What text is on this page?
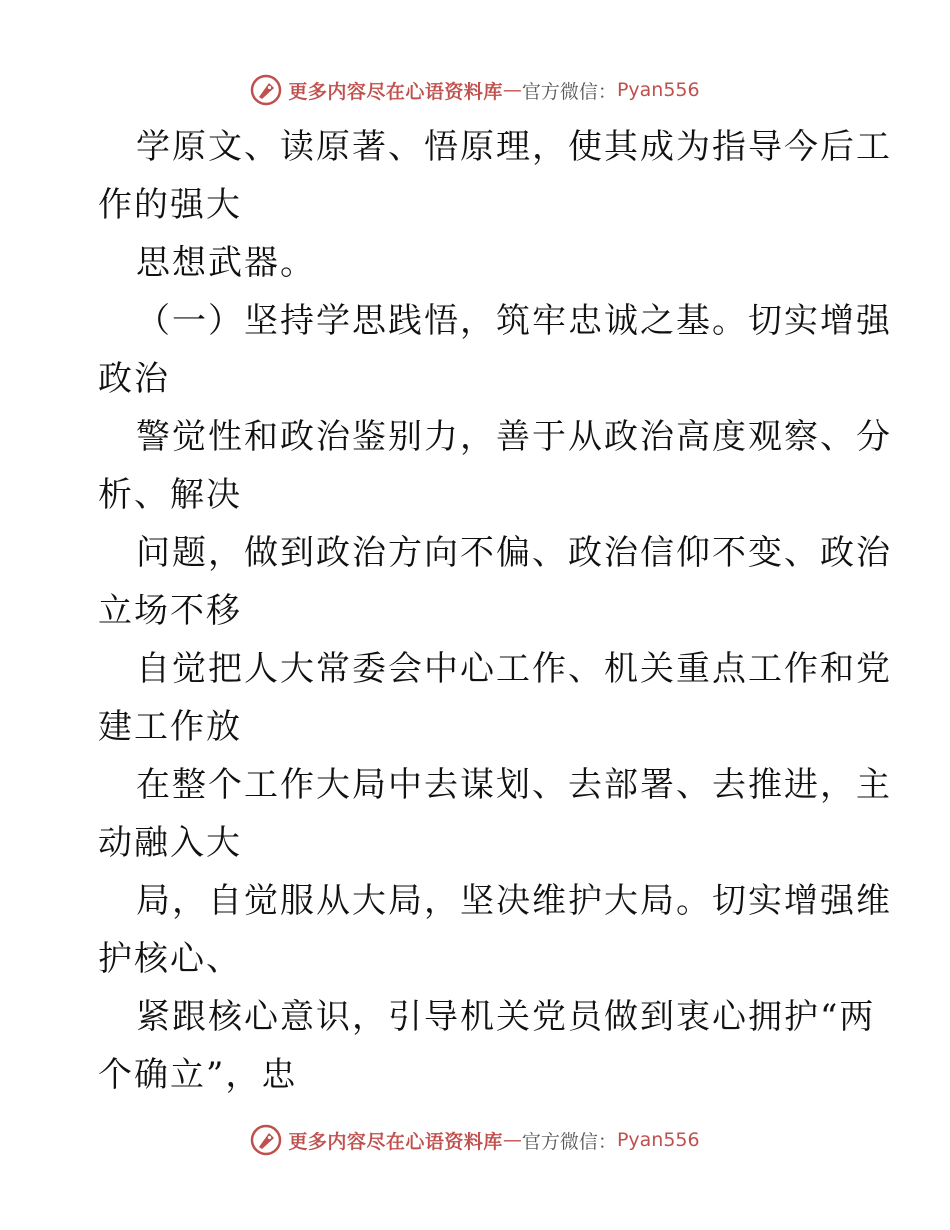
更多内容尽在心语资料库 — 官方微信： Pyan556
学原文、读原著、悟原理，使其成为指导今后工
作的强大
思想武器。
（一）坚持学思践悟，筑牢忠诚之基。切实增强
政治
警觉性和政治鉴别力，善于从政治高度观察、分
析、解决
问题，做到政治方向不偏、政治信仰不变、政治
立场不移
自觉把人大常委会中心工作、机关重点工作和党
建工作放
在整个工作大局中去谋划、去部署、去推进，主
动融入大
局，自觉服从大局，坚决维护大局。切实增强维
护核心、
紧跟核心意识，引导机关党员做到衷心拥护“两
个确立”，忠
更多内容尽在心语资料库 — 官方微信： Pyan556
